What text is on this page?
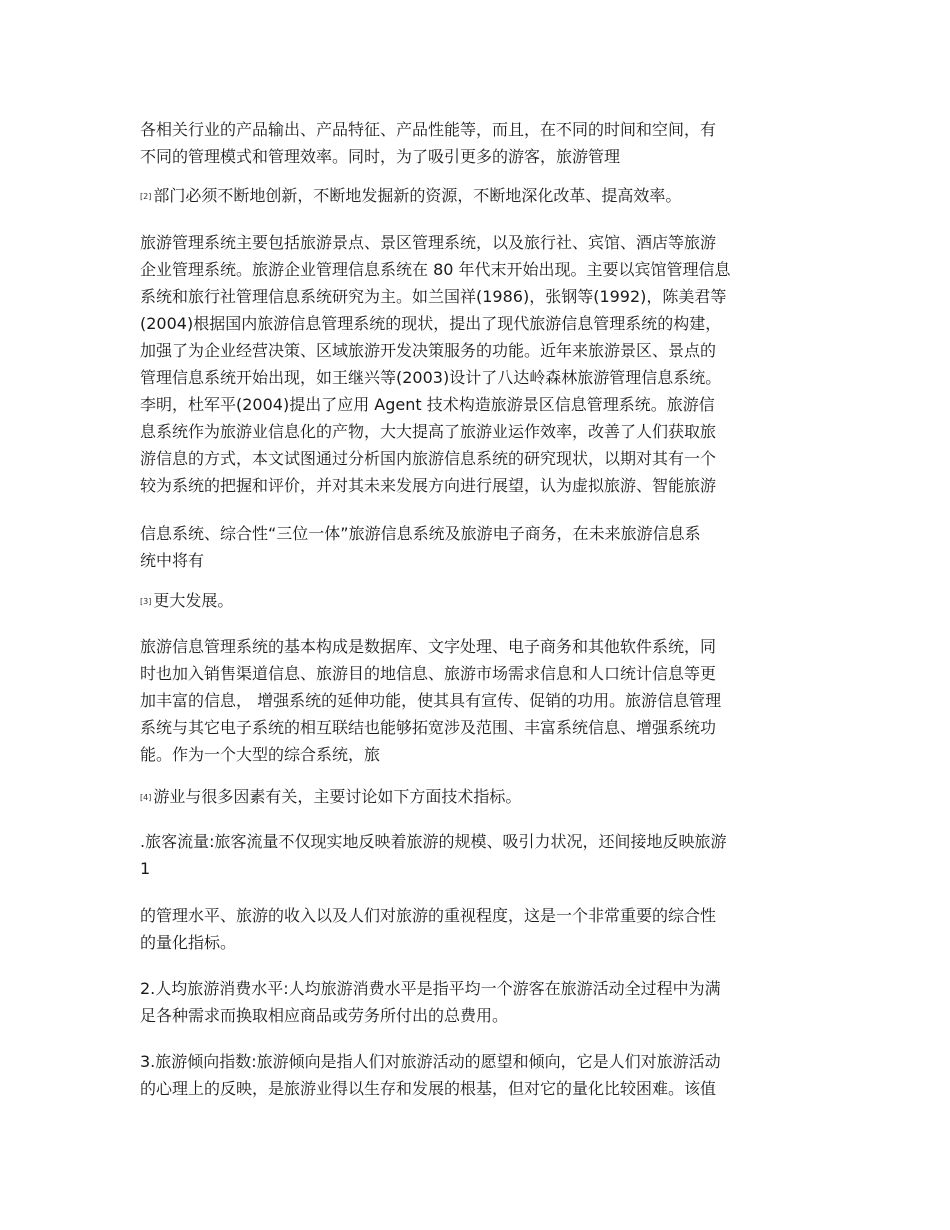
各相关行业的产品输出、产品特征、产品性能等，而且，在不同的时间和空间，有
不同的管理模式和管理效率。同时，为了吸引更多的游客，旅游管理
[2] 部门必须不断地创新，不断地发掘新的资源，不断地深化改革、提高效率。
旅游管理系统主要包括旅游景点、景区管理系统，以及旅行社、宾馆、酒店等旅游
企业管理系统。旅游企业管理信息系统在 80 年代末开始出现。主要以宾馆管理信息
系统和旅行社管理信息系统研究为主。如兰国祥(1986)，张钢等(1992)，陈美君等
(2004)根据国内旅游信息管理系统的现状，提出了现代旅游信息管理系统的构建，
加强了为企业经营决策、区域旅游开发决策服务的功能。近年来旅游景区、景点的
管理信息系统开始出现，如王继兴等(2003)设计了八达岭森林旅游管理信息系统。
李明，杜军平(2004)提出了应用 Agent 技术构造旅游景区信息管理系统。旅游信
息系统作为旅游业信息化的产物，大大提高了旅游业运作效率，改善了人们获取旅
游信息的方式，本文试图通过分析国内旅游信息系统的研究现状，以期对其有一个
较为系统的把握和评价，并对其未来发展方向进行展望，认为虚拟旅游、智能旅游
信息系统、综合性“三位一体”旅游信息系统及旅游电子商务，在未来旅游信息系
统中将有
[3] 更大发展。
旅游信息管理系统的基本构成是数据库、文字处理、电子商务和其他软件系统，同
时也加入销售渠道信息、旅游目的地信息、旅游市场需求信息和人口统计信息等更
加丰富的信息， 增强系统的延伸功能，使其具有宣传、促销的功用。旅游信息管理
系统与其它电子系统的相互联结也能够拓宽涉及范围、丰富系统信息、增强系统功
能。作为一个大型的综合系统，旅
[4] 游业与很多因素有关，主要讨论如下方面技术指标。
.旅客流量:旅客流量不仅现实地反映着旅游的规模、吸引力状况，还间接地反映旅游
1
的管理水平、旅游的收入以及人们对旅游的重视程度，这是一个非常重要的综合性
的量化指标。
2.人均旅游消费水平:人均旅游消费水平是指平均一个游客在旅游活动全过程中为满
足各种需求而换取相应商品或劳务所付出的总费用。
3.旅游倾向指数:旅游倾向是指人们对旅游活动的愿望和倾向，它是人们对旅游活动
的心理上的反映，是旅游业得以生存和发展的根基，但对它的量化比较困难。该值
